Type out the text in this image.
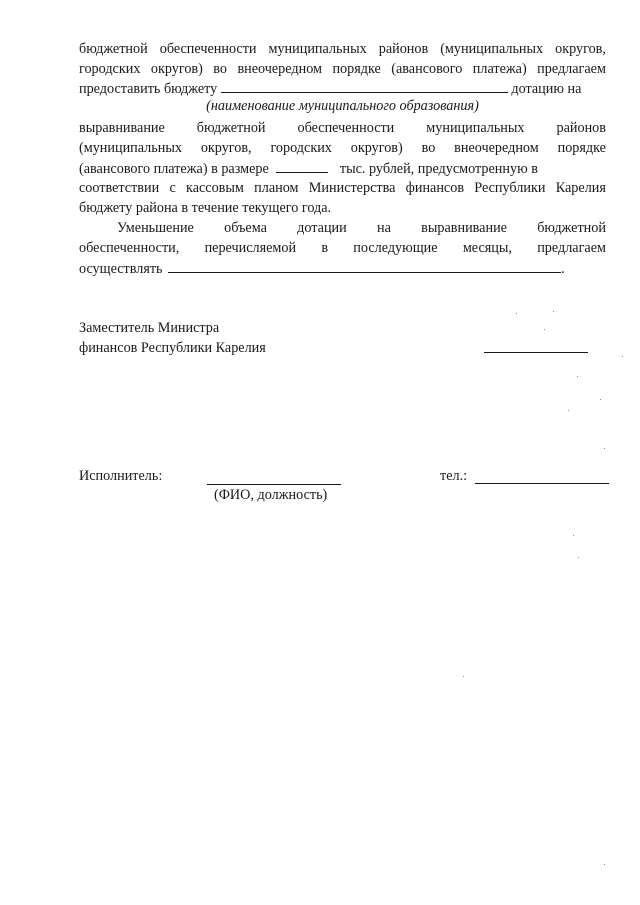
бюджетной обеспеченности муниципальных районов (муниципальных округов,
городских округов) во внеочередном порядке (авансового платежа) предлагаем
предоставить бюджету	дотацию на
(наименование муниципального образования)
выравнивание бюджетной обеспеченности муниципальных районов
(муниципальных округов, городских округов) во внеочередном порядке
(авансового платежа) в размере	тыс. рублей, предусмотренную в
соответствии с кассовым планом Министерства финансов Республики Карелия
бюджету района в течение текущего года.
Уменьшение объема дотации на выравнивание бюджетной
обеспеченности, перечисляемой в последующие месяцы, предлагаем
осуществлять	.
Заместитель Министра
финансов Республики Карелия
Исполнитель:
(ФИО, должность)
тел.:
